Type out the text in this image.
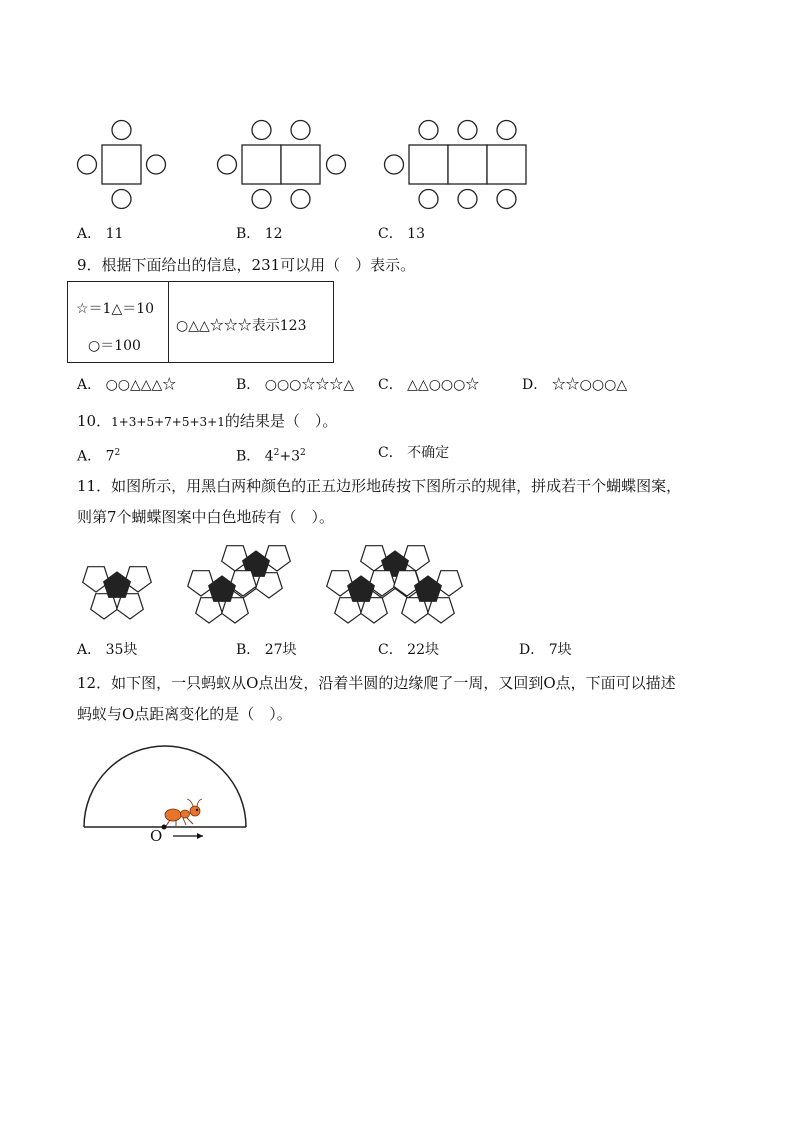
A． 11	B． 12	C． 13
9．根据下面给出的信息，231可以用（　）表示。
☆＝1△＝10
○＝100
○△△☆☆☆表示123
A． ○○△△△☆	B． ○○○☆☆☆△ C． △△○○○☆	D． ☆☆○○○△
10．1+3+5+7+5+3+1的结果是（　）。
A． $7^2$	B． $4^2+3^2$	C． 不确定
11．如图所示，用黑白两种颜色的正五边形地砖按下图所示的规律，拼成若干个蝴蝶图案，
则第7个蝴蝶图案中白色地砖有（　）。
A． 35块	B． 27块	C． 22块	D． 7块
12．如下图，一只蚂蚁从O点出发，沿着半圆的边缘爬了一周，又回到O点，下面可以描述
蚂蚁与O点距离变化的是（　）。
O
